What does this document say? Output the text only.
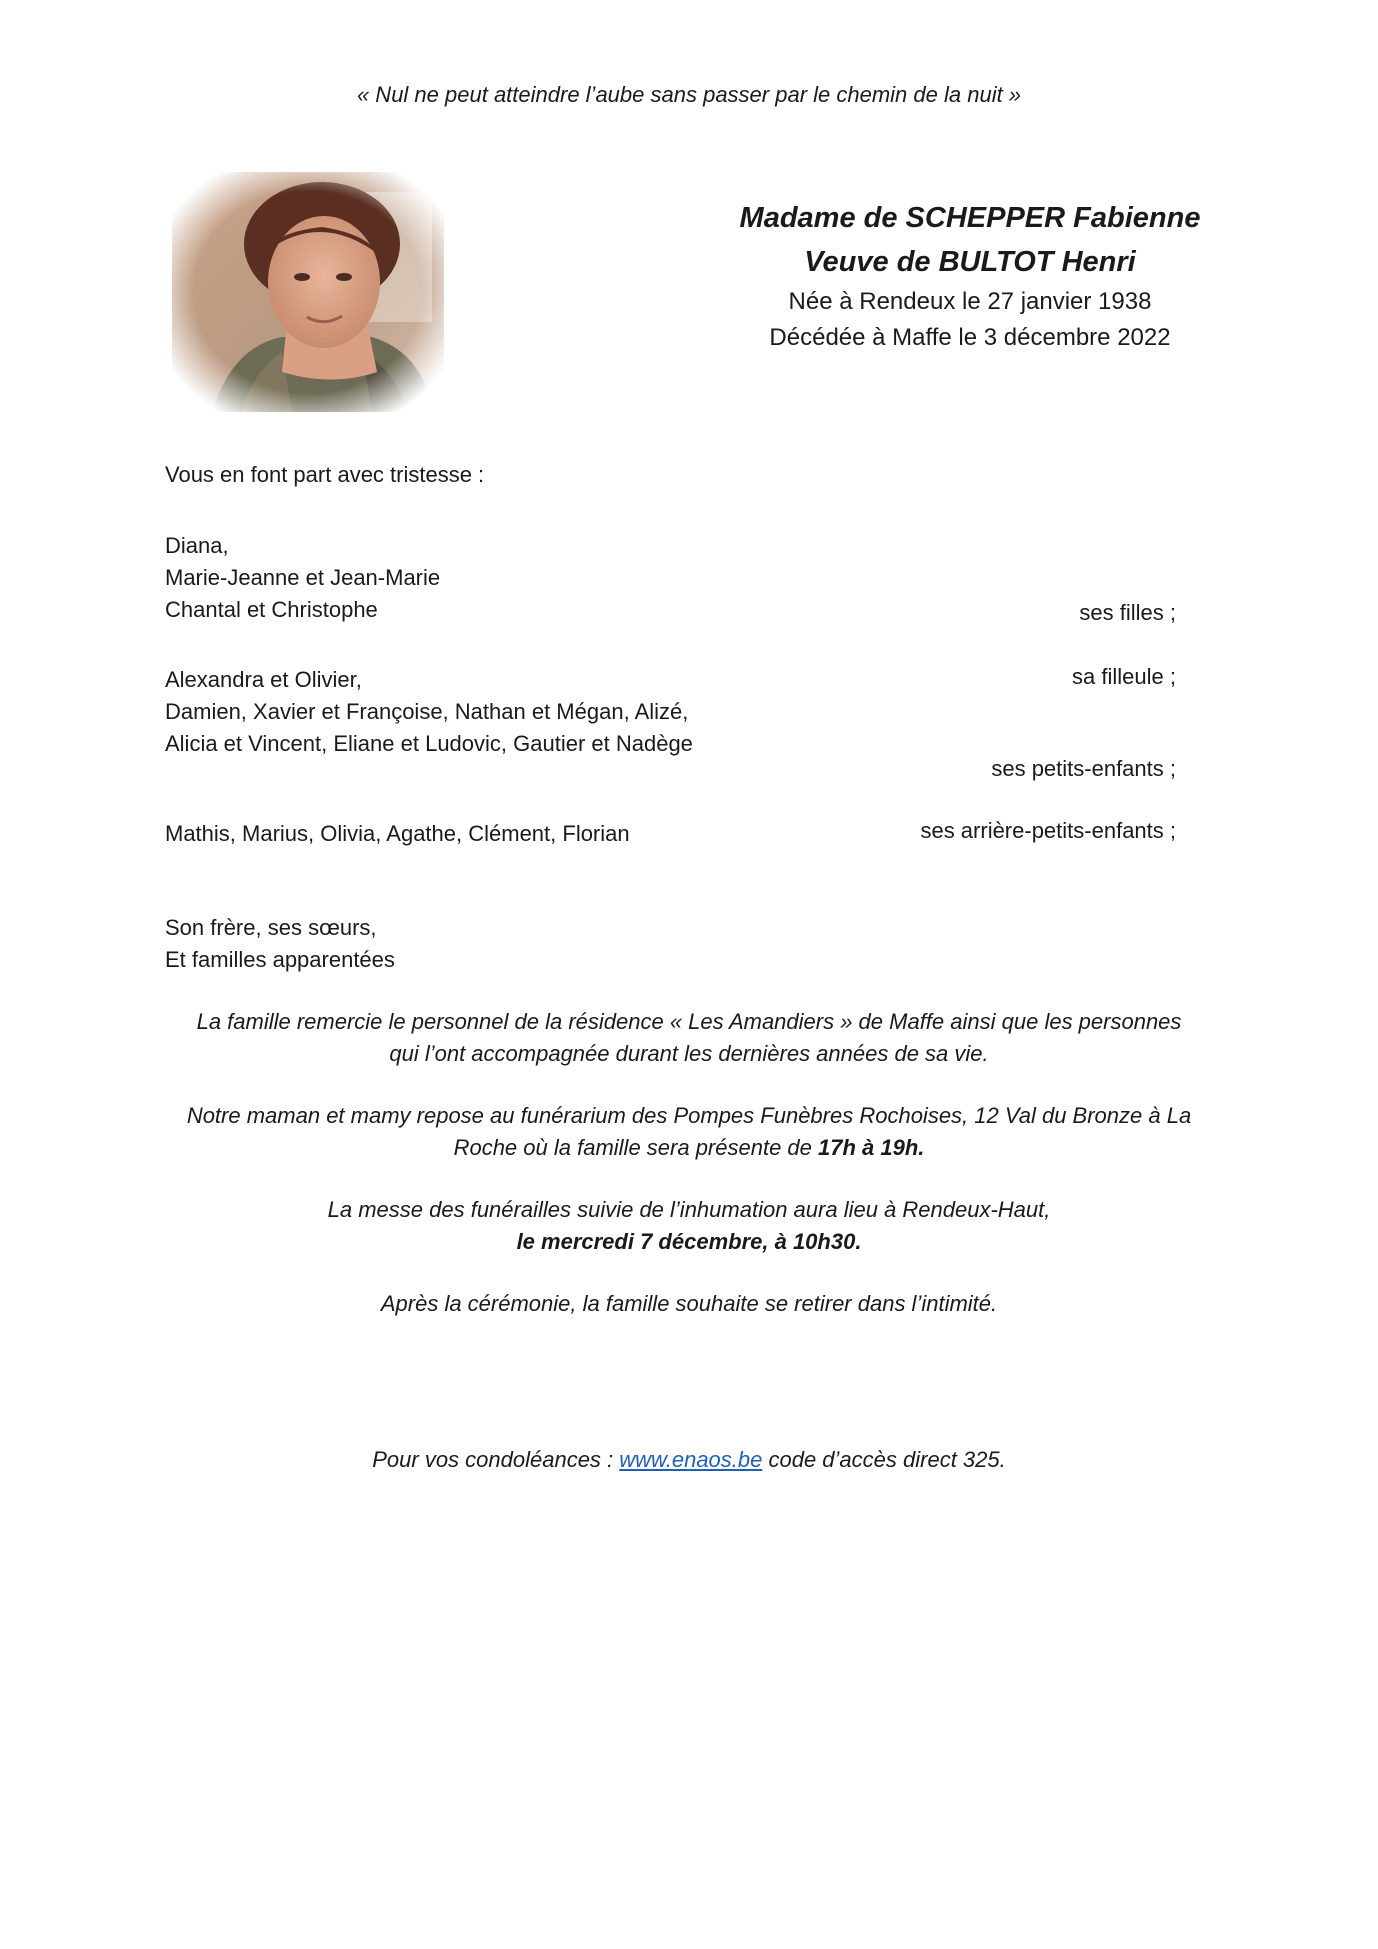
« Nul ne peut atteindre l’aube sans passer par le chemin de la nuit »
Madame de SCHEPPER Fabienne
Veuve de BULTOT Henri
Née à Rendeux le 27 janvier 1938
Décédée à Maffe le 3 décembre 2022
Vous en font part avec tristesse :
Diana,
Marie-Jeanne et Jean-Marie
Chantal et Christophe	ses filles ;
Alexandra et Olivier,	sa filleule ;
Damien, Xavier et Françoise, Nathan et Mégan, Alizé,
Alicia et Vincent, Eliane et Ludovic, Gautier et Nadège
ses petits-enfants ;
Mathis, Marius, Olivia, Agathe, Clément, Florian	ses arrière-petits-enfants ;
Son frère, ses sœurs,
Et familles apparentées
La famille remercie le personnel de la résidence « Les Amandiers » de Maffe ainsi que les personnes
qui l’ont accompagnée durant les dernières années de sa vie.
Notre maman et mamy repose au funérarium des Pompes Funèbres Rochoises, 12 Val du Bronze à La
Roche où la famille sera présente de 17h à 19h.
La messe des funérailles suivie de l’inhumation aura lieu à Rendeux-Haut,
le mercredi 7 décembre, à 10h30.
Après la cérémonie, la famille souhaite se retirer dans l’intimité.
Pour vos condoléances : www.enaos.be code d’accès direct 325.
